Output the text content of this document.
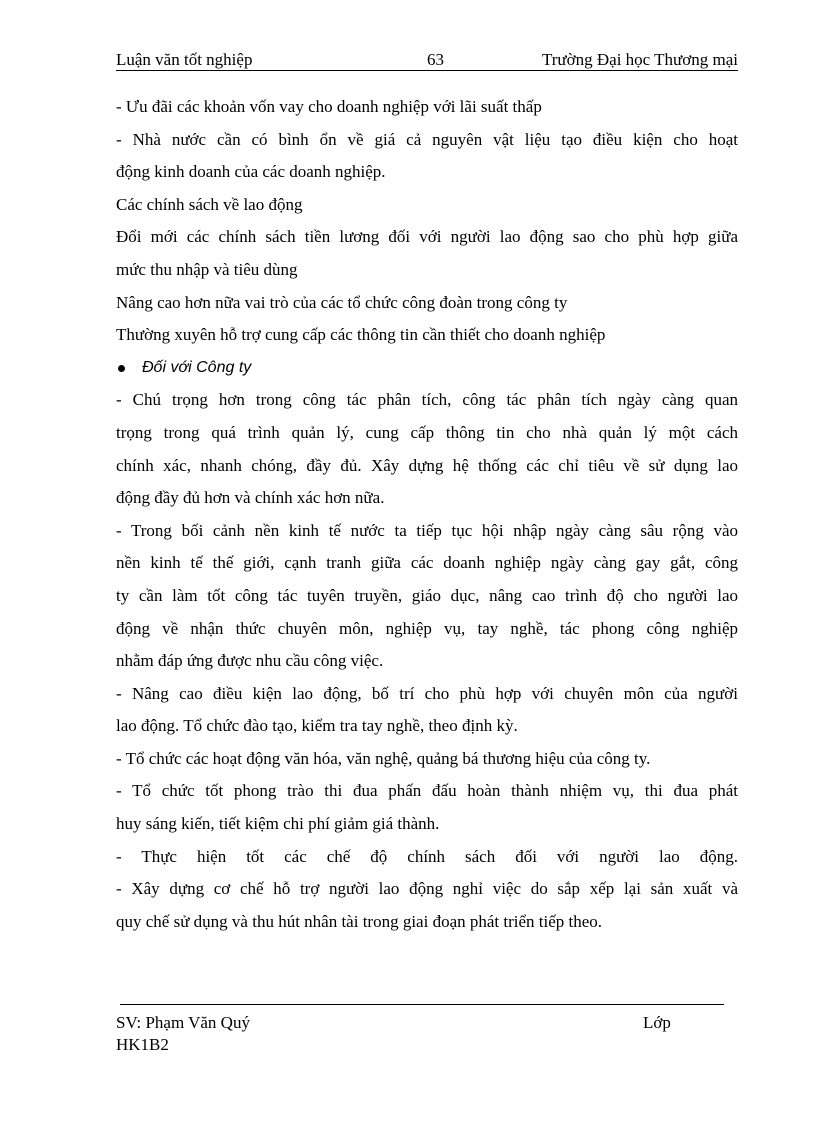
Luận văn tốt nghiệp	63	Trường Đại học Thương mại
- Ưu đãi các khoản vốn vay cho doanh nghiệp với lãi suất thấp
- Nhà nước cần có bình ổn về giá cả nguyên vật liệu tạo điều kiện cho hoạt
động kinh doanh của các doanh nghiệp.
Các chính sách về lao động
Đổi mới các chính sách tiền lương đối với người lao động sao cho phù hợp giữa
mức thu nhập và tiêu dùng
Nâng cao hơn nữa vai trò của các tổ chức công đoàn trong công ty
Thường xuyên hỗ trợ cung cấp các thông tin cần thiết cho doanh nghiệp
Đối với Công ty
- Chú trọng hơn trong công tác phân tích, công tác phân tích ngày càng quan
trọng trong quá trình quản lý, cung cấp thông tin cho nhà quản lý một cách
chính xác, nhanh chóng, đầy đủ. Xây dựng hệ thống các chỉ tiêu về sử dụng lao
động đầy đủ hơn và chính xác hơn nữa.
- Trong bối cảnh nền kinh tế nước ta tiếp tục hội nhập ngày càng sâu rộng vào
nền kinh tế thế giới, cạnh tranh giữa các doanh nghiệp ngày càng gay gắt, công
ty cần làm tốt công tác tuyên truyền, giáo dục, nâng cao trình độ cho người lao
động về nhận thức chuyên môn, nghiệp vụ, tay nghề, tác phong công nghiệp
nhằm đáp ứng được nhu cầu công việc.
- Nâng cao điều kiện lao động, bố trí cho phù hợp với chuyên môn của người
lao động. Tổ chức đào tạo, kiểm tra tay nghề, theo định kỳ.
- Tổ chức các hoạt động văn hóa, văn nghệ, quảng bá thương hiệu của công ty.
- Tổ chức tốt phong trào thi đua phấn đấu hoàn thành nhiệm vụ, thi đua phát
huy sáng kiến, tiết kiệm chi phí giảm giá thành.
- Thực hiện tốt các chế độ chính sách đối với người lao động.
- Xây dựng cơ chế hỗ trợ người lao động nghỉ việc do sắp xếp lại sản xuất và
quy chế sử dụng và thu hút nhân tài trong giai đoạn phát triển tiếp theo.
SV: Phạm Văn Quý	Lớp
HK1B2
